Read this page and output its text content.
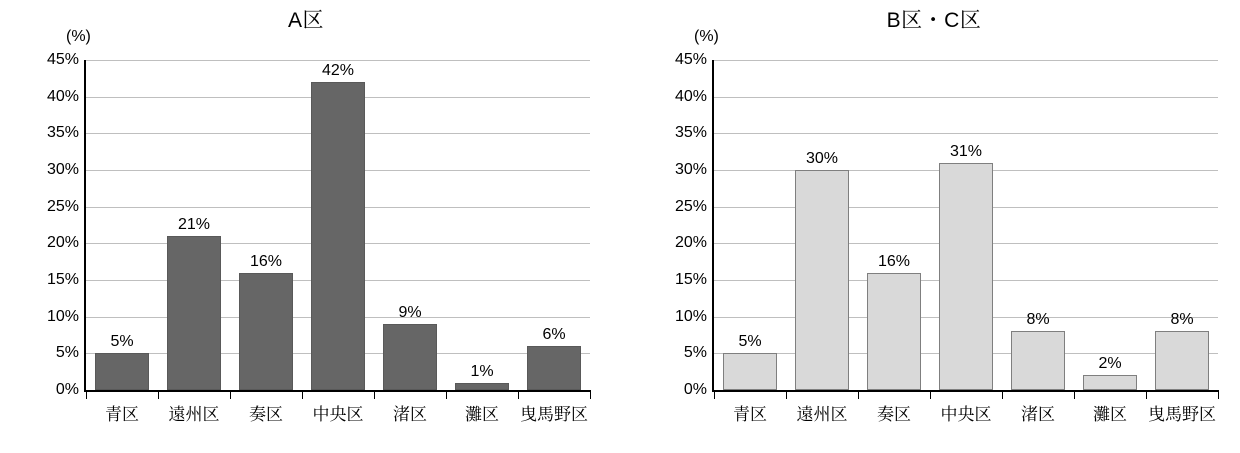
A区
(%)
0%
5%
10%
15%
20%
25%
30%
35%
40%
45%
5%
青区
21%
遠州区
16%
奏区
42%
中央区
9%
渚区
1%
灘区
6%
曳馬野区
B区・C区
(%)
0%
5%
10%
15%
20%
25%
30%
35%
40%
45%
5%
青区
30%
遠州区
16%
奏区
31%
中央区
8%
渚区
2%
灘区
8%
曳馬野区
